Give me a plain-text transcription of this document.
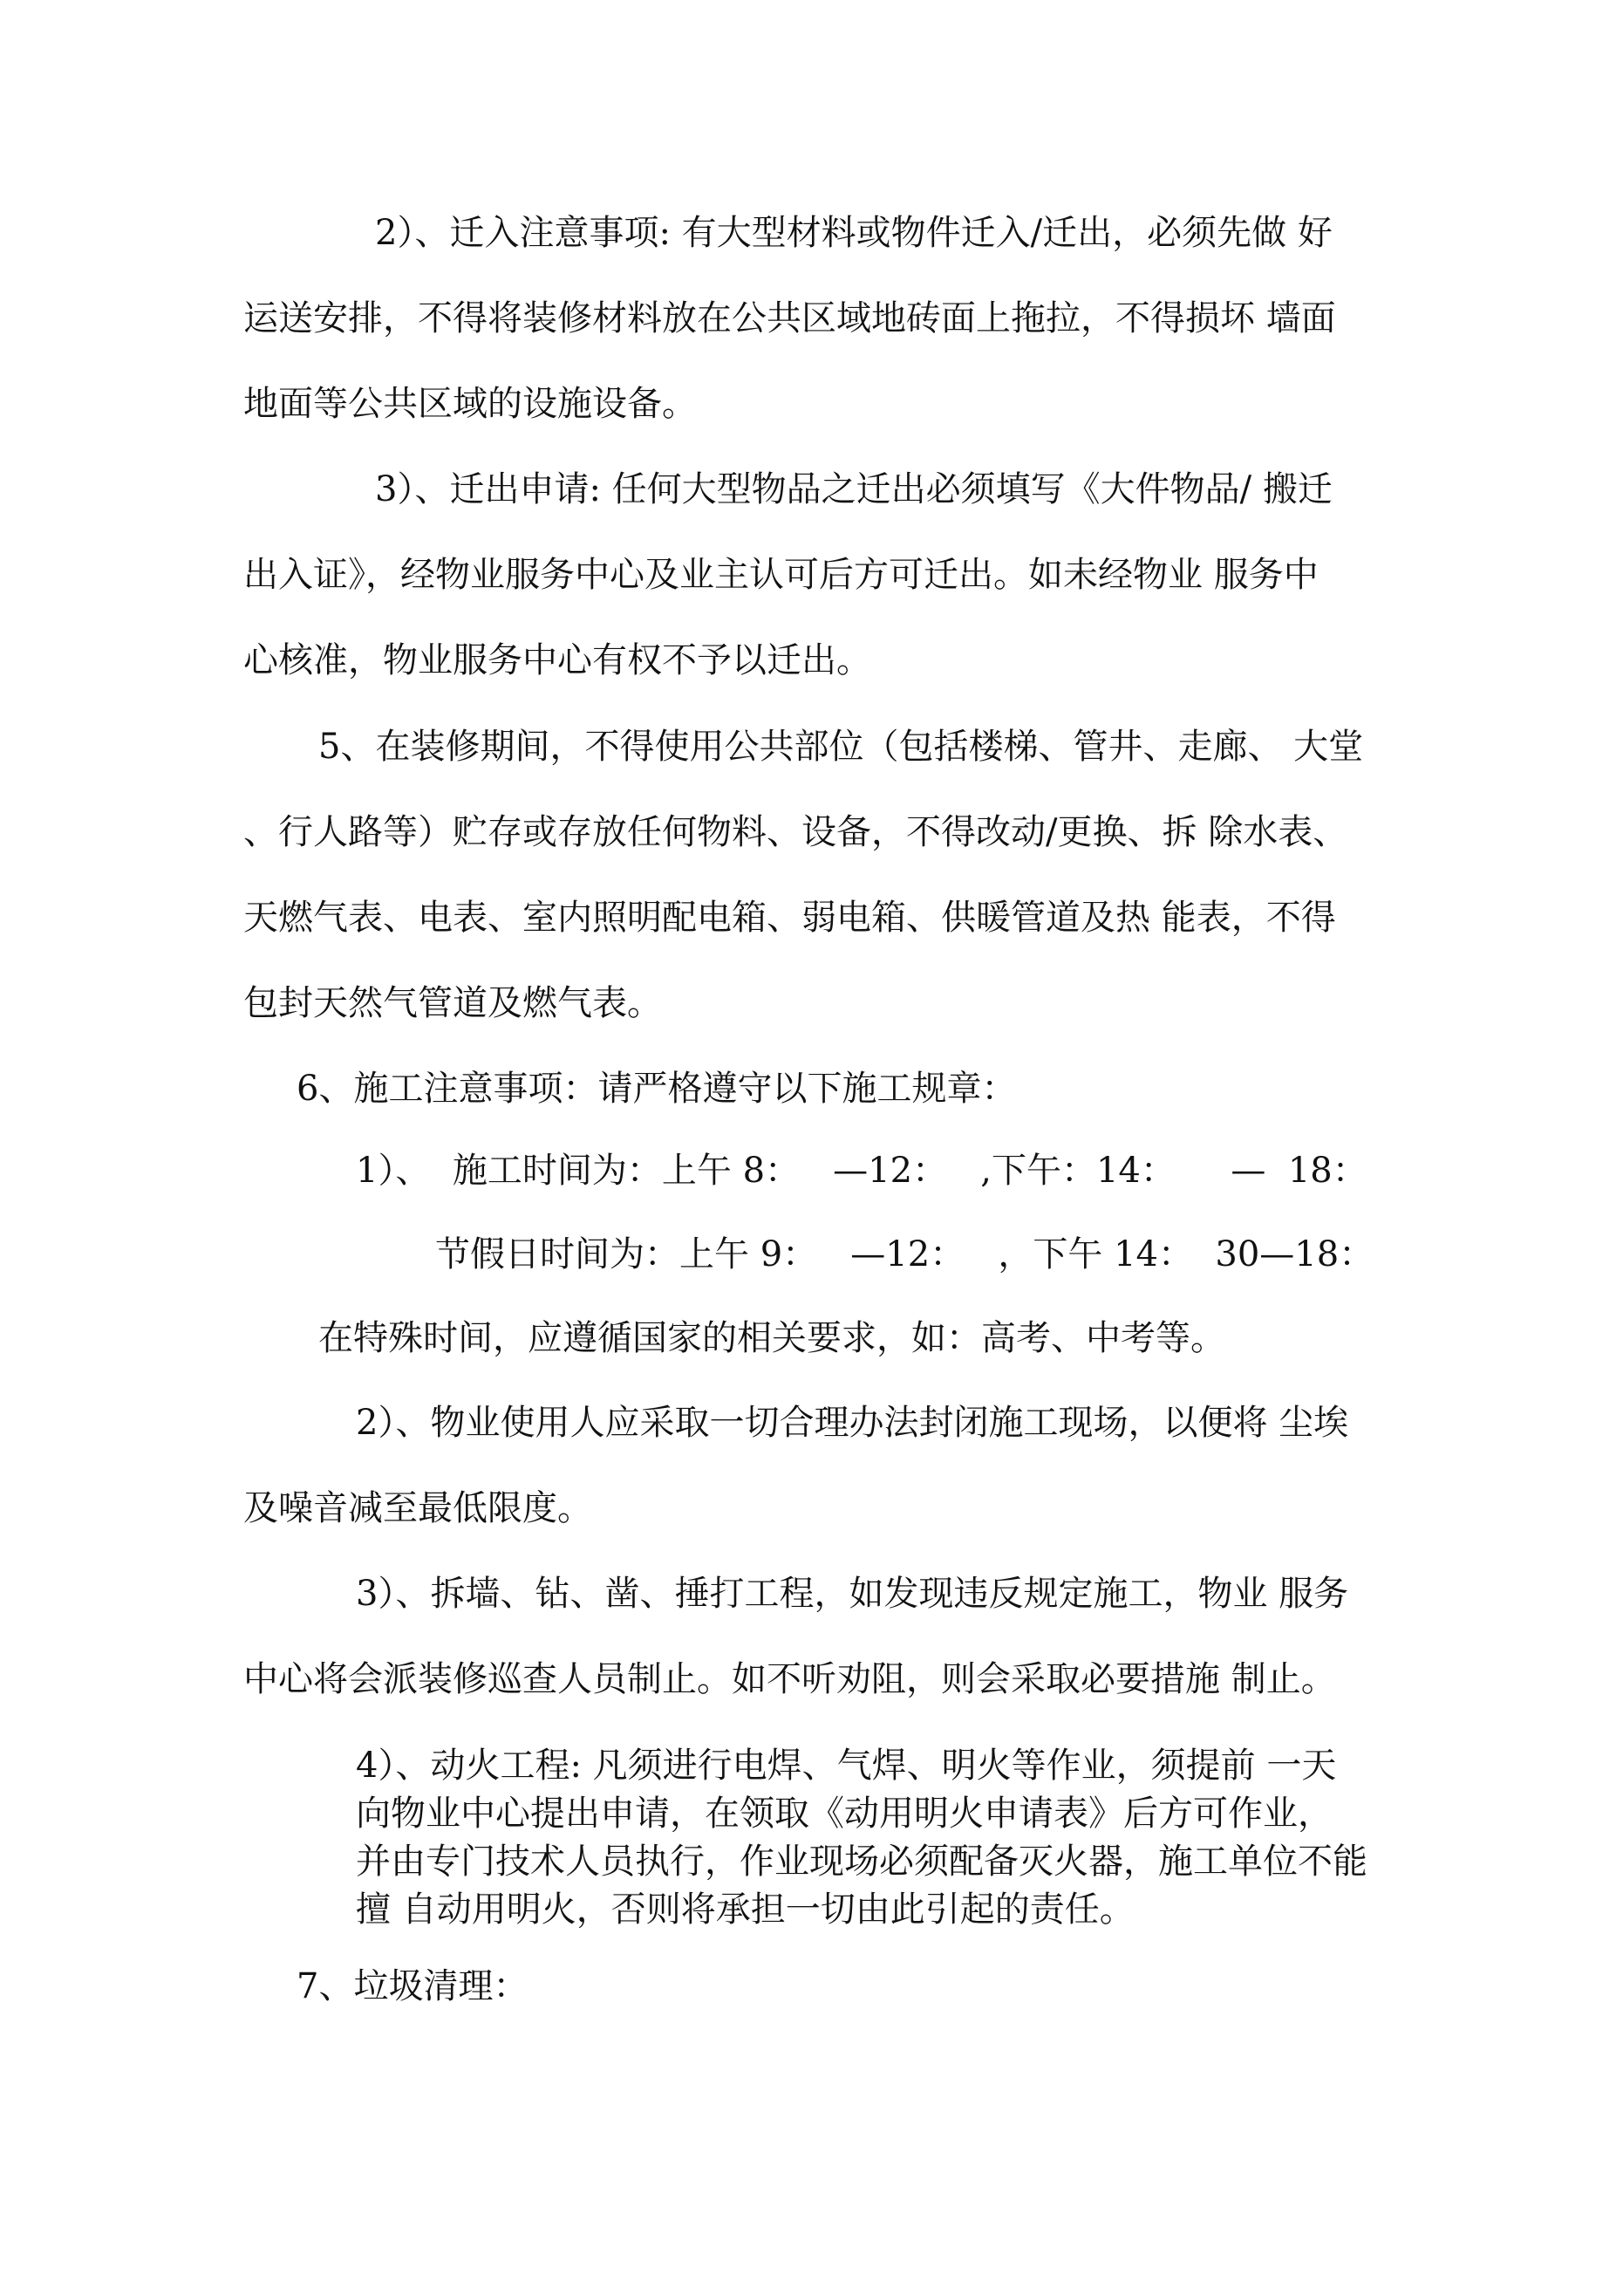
2）、迁入注意事项: 有大型材料或物件迁入/迁出，必须先做 好

运送安排，不得将装修材料放在公共区域地砖面上拖拉，不得损坏 墙面

地面等公共区域的设施设备。

3）、迁出申请: 任何大型物品之迁出必须填写《大件物品/ 搬迁

出入证》，经物业服务中心及业主认可后方可迁出。如未经物业 服务中

心核准，物业服务中心有权不予以迁出。

5、在装修期间，不得使用公共部位（包括楼梯、管井、走廊、 大堂

、行人路等）贮存或存放任何物料、设备，不得改动/更换、拆 除水表、

天燃气表、电表、室内照明配电箱、弱电箱、供暖管道及热 能表，不得

包封天然气管道及燃气表。

6、施工注意事项：请严格遵守以下施工规章：

1）、  施工时间为：上午 8：   —12：   ,下午：14：     —  18：

节假日时间为：上午 9：   —12：   ，下午 14：  30—18：

在特殊时间，应遵循国家的相关要求，如：高考、中考等。

2）、物业使用人应采取一切合理办法封闭施工现场，以便将 尘埃

及噪音减至最低限度。

3）、拆墙、钻、凿、捶打工程，如发现违反规定施工，物业 服务

中心将会派装修巡查人员制止。如不听劝阻，则会采取必要措施 制止。

4）、动火工程: 凡须进行电焊、气焊、明火等作业，须提前 一天

向物业中心提出申请，在领取《动用明火申请表》后方可作业，

并由专门技术人员执行，作业现场必须配备灭火器，施工单位不能

擅 自动用明火，否则将承担一切由此引起的责任。

7、垃圾清理：
